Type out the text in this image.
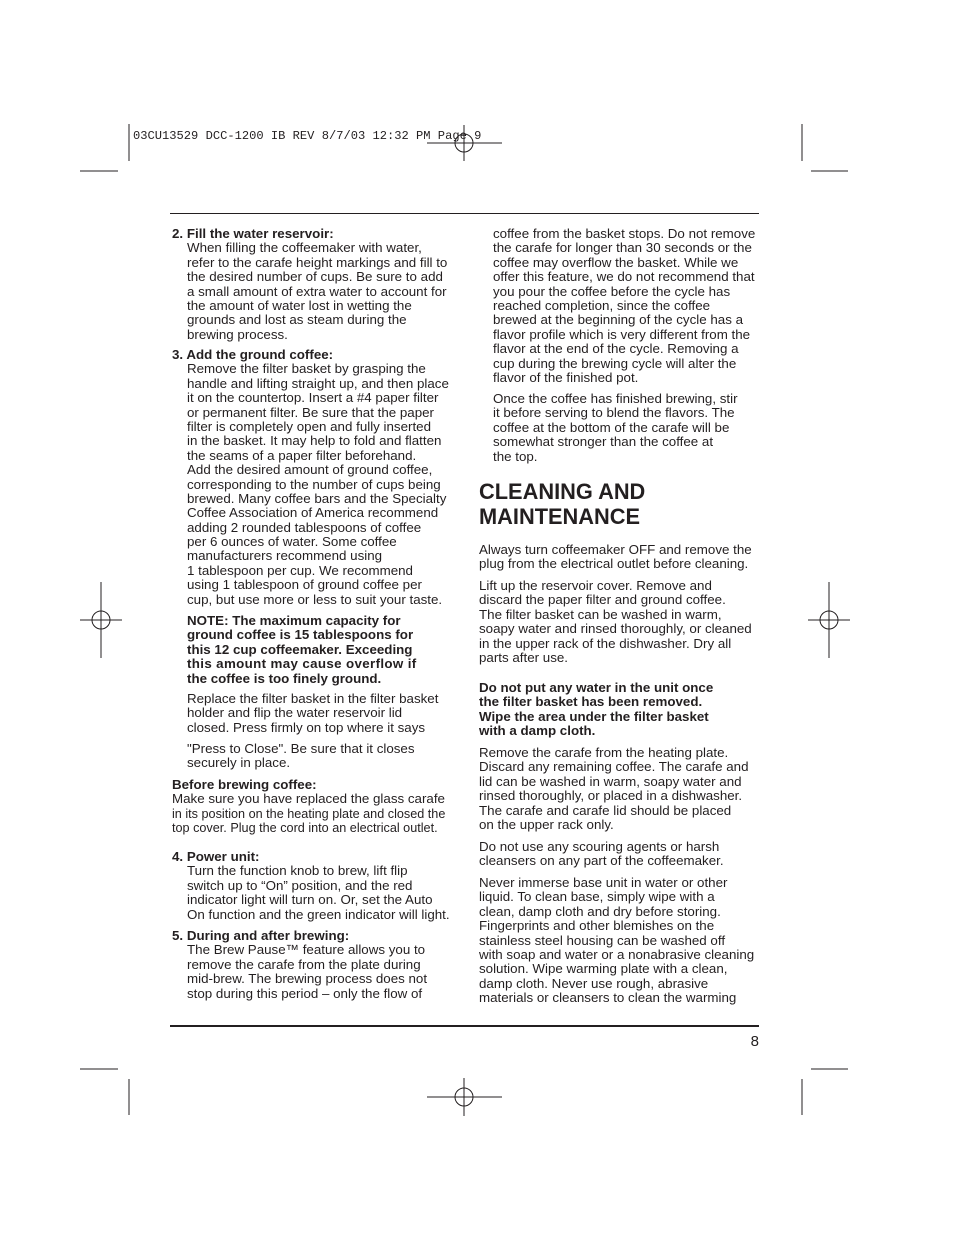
03CU13529 DCC-1200 IB REV 8/7/03 12:32 PM Page 9
2. Fill the water reservoir:
When filling the coffeemaker with water,
refer to the carafe height markings and fill to
the desired number of cups. Be sure to add
a small amount of extra water to account for
the amount of water lost in wetting the
grounds and lost as steam during the
brewing process.
3. Add the ground coffee:
Remove the filter basket by grasping the
handle and lifting straight up, and then place
it on the countertop. Insert a #4 paper filter
or permanent filter. Be sure that the paper
filter is completely open and fully inserted
in the basket. It may help to fold and flatten
the seams of a paper filter beforehand.
Add the desired amount of ground coffee,
corresponding to the number of cups being
brewed. Many coffee bars and the Specialty
Coffee Association of America recommend
adding 2 rounded tablespoons of coffee
per 6 ounces of water. Some coffee
manufacturers recommend using
1 tablespoon per cup. We recommend
using 1 tablespoon of ground coffee per
cup, but use more or less to suit your taste.
NOTE: The maximum capacity for
ground coffee is 15 tablespoons for
this 12 cup coffeemaker. Exceeding
this amount may cause overflow if
the coffee is too finely ground.
Replace the filter basket in the filter basket
holder and flip the water reservoir lid
closed. Press firmly on top where it says
"Press to Close". Be sure that it closes
securely in place.
Before brewing coffee:
Make sure you have replaced the glass carafe
in its position on the heating plate and closed the
top cover. Plug the cord into an electrical outlet.
4. Power unit:
Turn the function knob to brew, lift flip
switch up to “On” position, and the red
indicator light will turn on. Or, set the Auto
On function and the green indicator will light.
5. During and after brewing:
The Brew Pause™ feature allows you to
remove the carafe from the plate during
mid-brew. The brewing process does not
stop during this period – only the flow of
coffee from the basket stops. Do not remove
the carafe for longer than 30 seconds or the
coffee may overflow the basket. While we
offer this feature, we do not recommend that
you pour the coffee before the cycle has
reached completion, since the coffee
brewed at the beginning of the cycle has a
flavor profile which is very different from the
flavor at the end of the cycle. Removing a
cup during the brewing cycle will alter the
flavor of the finished pot.
Once the coffee has finished brewing, stir
it before serving to blend the flavors. The
coffee at the bottom of the carafe will be
somewhat stronger than the coffee at
the top.
CLEANING AND
MAINTENANCE
Always turn coffeemaker OFF and remove the
plug from the electrical outlet before cleaning.
Lift up the reservoir cover. Remove and
discard the paper filter and ground coffee.
The filter basket can be washed in warm,
soapy water and rinsed thoroughly, or cleaned
in the upper rack of the dishwasher. Dry all
parts after use.
Do not put any water in the unit once
the filter basket has been removed.
Wipe the area under the filter basket
with a damp cloth.
Remove the carafe from the heating plate.
Discard any remaining coffee. The carafe and
lid can be washed in warm, soapy water and
rinsed thoroughly, or placed in a dishwasher.
The carafe and carafe lid should be placed
on the upper rack only.
Do not use any scouring agents or harsh
cleansers on any part of the coffeemaker.
Never immerse base unit in water or other
liquid. To clean base, simply wipe with a
clean, damp cloth and dry before storing.
Fingerprints and other blemishes on the
stainless steel housing can be washed off
with soap and water or a nonabrasive cleaning
solution. Wipe warming plate with a clean,
damp cloth. Never use rough, abrasive
materials or cleansers to clean the warming
8
